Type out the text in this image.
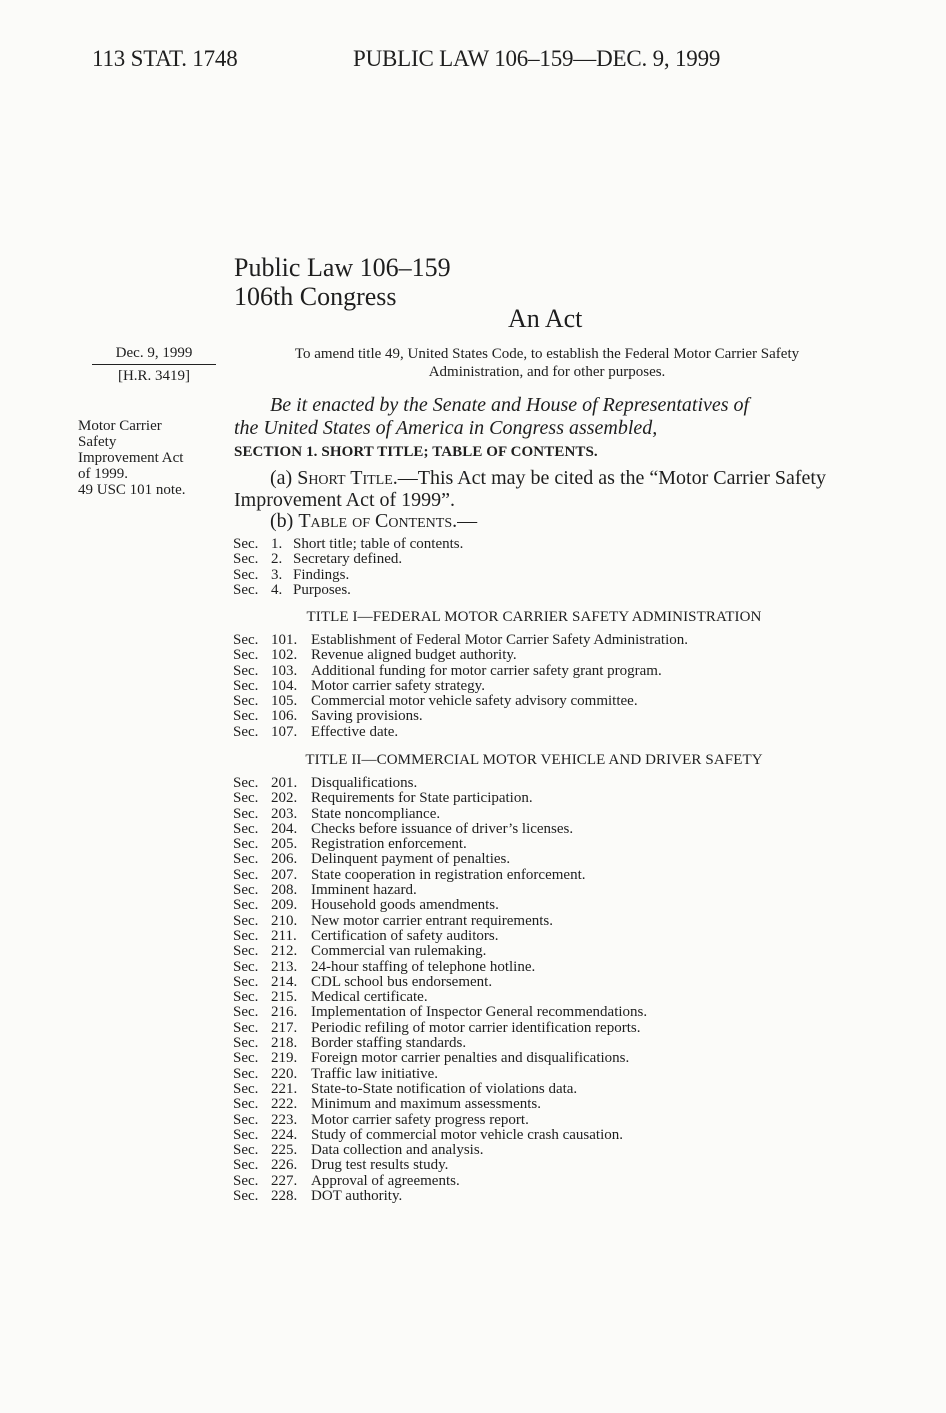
113 STAT. 1748	PUBLIC LAW 106–159—DEC. 9, 1999
Public Law 106–159
106th Congress
An Act
Dec. 9, 1999
[H.R. 3419]
To amend title 49, United States Code, to establish the Federal Motor Carrier Safety Administration, and for other purposes.
Be it enacted by the Senate and House of Representatives of
the United States of America in Congress assembled,
Motor Carrier
Safety
Improvement Act
of 1999.
49 USC 101 note.
SECTION 1. SHORT TITLE; TABLE OF CONTENTS.
(a) Short Title.—This Act may be cited as the “Motor Carrier Safety Improvement Act of 1999”.
(b) Table of Contents.—
Sec. 1. Short title; table of contents.
Sec. 2. Secretary defined.
Sec. 3. Findings.
Sec. 4. Purposes.
TITLE I—FEDERAL MOTOR CARRIER SAFETY ADMINISTRATION
Sec. 101. Establishment of Federal Motor Carrier Safety Administration.
Sec. 102. Revenue aligned budget authority.
Sec. 103. Additional funding for motor carrier safety grant program.
Sec. 104. Motor carrier safety strategy.
Sec. 105. Commercial motor vehicle safety advisory committee.
Sec. 106. Saving provisions.
Sec. 107. Effective date.
TITLE II—COMMERCIAL MOTOR VEHICLE AND DRIVER SAFETY
Sec. 201. Disqualifications.
Sec. 202. Requirements for State participation.
Sec. 203. State noncompliance.
Sec. 204. Checks before issuance of driver’s licenses.
Sec. 205. Registration enforcement.
Sec. 206. Delinquent payment of penalties.
Sec. 207. State cooperation in registration enforcement.
Sec. 208. Imminent hazard.
Sec. 209. Household goods amendments.
Sec. 210. New motor carrier entrant requirements.
Sec. 211. Certification of safety auditors.
Sec. 212. Commercial van rulemaking.
Sec. 213. 24-hour staffing of telephone hotline.
Sec. 214. CDL school bus endorsement.
Sec. 215. Medical certificate.
Sec. 216. Implementation of Inspector General recommendations.
Sec. 217. Periodic refiling of motor carrier identification reports.
Sec. 218. Border staffing standards.
Sec. 219. Foreign motor carrier penalties and disqualifications.
Sec. 220. Traffic law initiative.
Sec. 221. State-to-State notification of violations data.
Sec. 222. Minimum and maximum assessments.
Sec. 223. Motor carrier safety progress report.
Sec. 224. Study of commercial motor vehicle crash causation.
Sec. 225. Data collection and analysis.
Sec. 226. Drug test results study.
Sec. 227. Approval of agreements.
Sec. 228. DOT authority.
